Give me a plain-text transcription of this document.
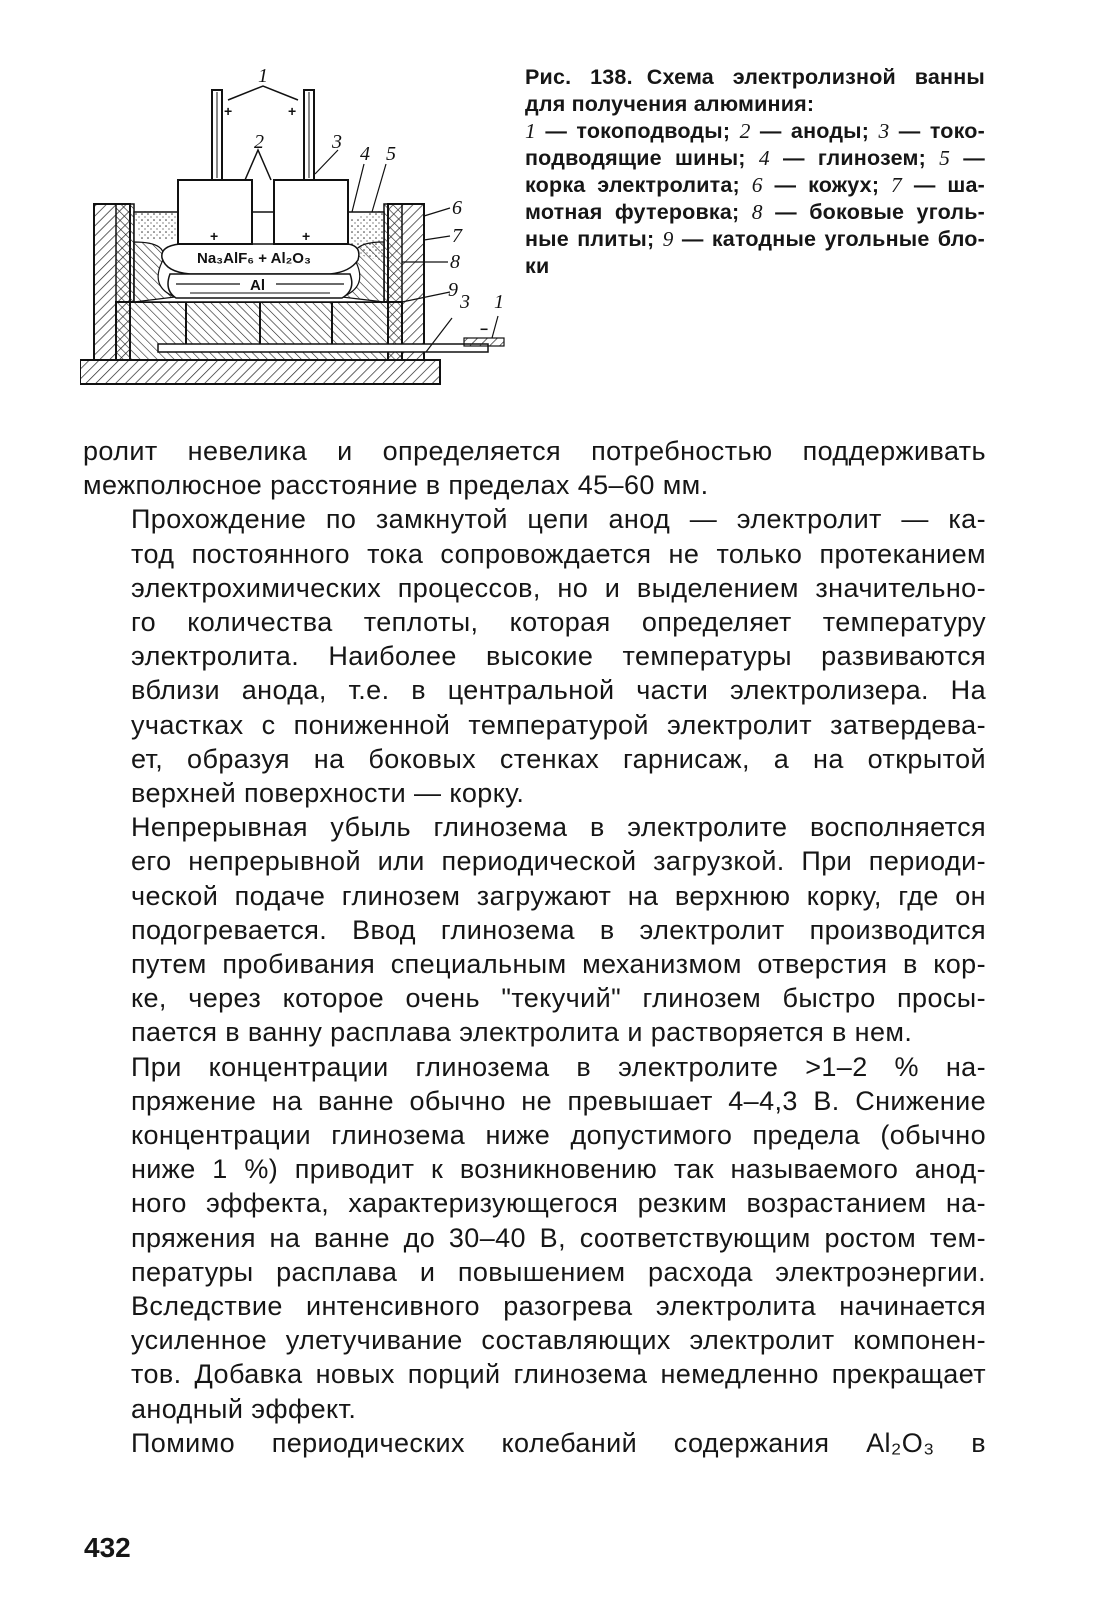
1
+	+
2	3
4 5
6
7
8
9
3 1
+	+
−
Na₃AlF₆ + Al₂O₃
Al
Рис. 138. Схема электролизной ванны
для получения алюминия:
1 — токоподводы; 2 — аноды; 3 — токо-подводящие шины; 4 — глинозем; 5 — корка электролита; 6 — кожух; 7 — ша-мотная футеровка; 8 — боковые уголь-ные плиты; 9 — катодные угольные бло-ки

ролит невелика и определяется потребностью поддерживать
межполюсное расстояние в пределах 45–60 мм.

Прохождение по замкнутой цепи анод — электролит — ка-
тод постоянного тока сопровождается не только протеканием
электрохимических процессов, но и выделением значительно-
го количества теплоты, которая определяет температуру
электролита. Наиболее высокие температуры развиваются
вблизи анода, т.е. в центральной части электролизера. На
участках с пониженной температурой электролит затвердева-
ет, образуя на боковых стенках гарнисаж, а на открытой
верхней поверхности — корку.

Непрерывная убыль глинозема в электролите восполняется
его непрерывной или периодической загрузкой. При периоди-
ческой подаче глинозем загружают на верхнюю корку, где он
подогревается. Ввод глинозема в электролит производится
путем пробивания специальным механизмом отверстия в кор-
ке, через которое очень "текучий" глинозем быстро просы-
пается в ванну расплава электролита и растворяется в нем.

При концентрации глинозема в электролите >1–2 % на-
пряжение на ванне обычно не превышает 4–4,3 В. Снижение
концентрации глинозема ниже допустимого предела (обычно
ниже 1 %) приводит к возникновению так называемого анод-
ного эффекта, характеризующегося резким возрастанием на-
пряжения на ванне до 30–40 В, соответствующим ростом тем-
пературы расплава и повышением расхода электроэнергии.
Вследствие интенсивного разогрева электролита начинается
усиленное улетучивание составляющих электролит компонен-
тов. Добавка новых порций глинозема немедленно прекращает
анодный эффект.

Помимо периодических колебаний содержания Al₂O₃ в

432
